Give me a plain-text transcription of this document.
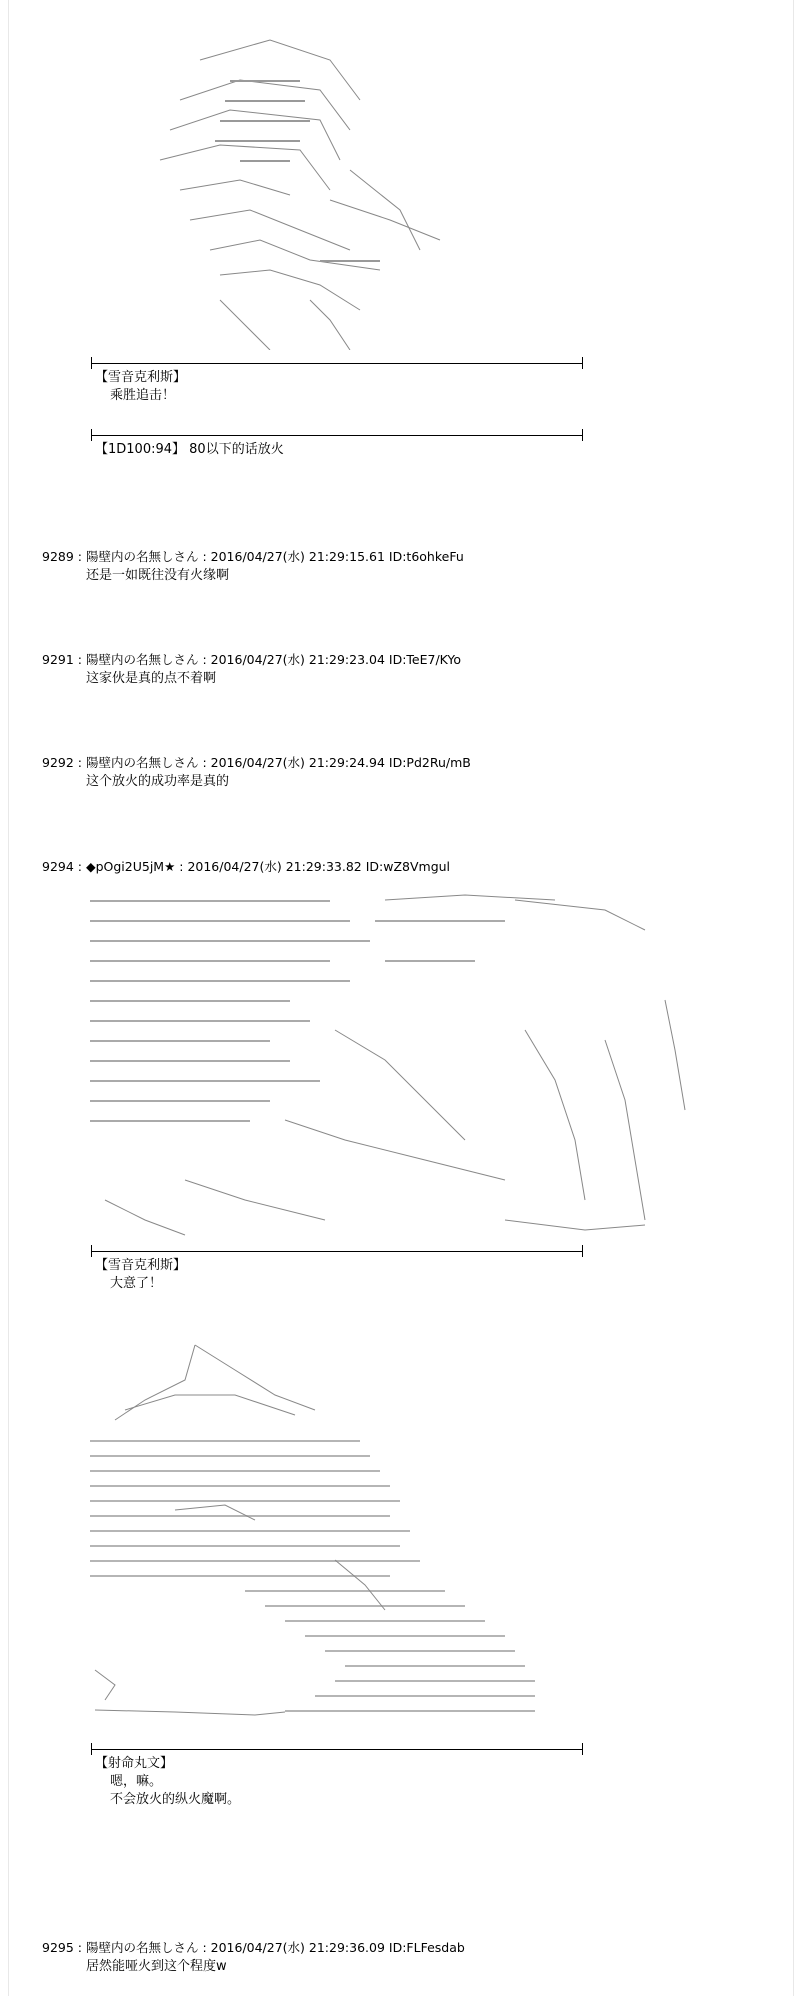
【雪音克利斯】
乘胜追击！
【1D100:94】 80以下的话放火
9289 : 陽壁内の名無しさん : 2016/04/27(水) 21:29:15.61 ID:t6ohkeFu
还是一如既往没有火缘啊
9291 : 陽壁内の名無しさん : 2016/04/27(水) 21:29:23.04 ID:TeE7/KYo
这家伙是真的点不着啊
9292 : 陽壁内の名無しさん : 2016/04/27(水) 21:29:24.94 ID:Pd2Ru/mB
这个放火的成功率是真的
9294 : ◆pOgi2U5jM★ : 2016/04/27(水) 21:29:33.82 ID:wZ8Vmgul
【雪音克利斯】
大意了！
【射命丸文】
嗯，嘛。
不会放火的纵火魔啊。
9295 : 陽壁内の名無しさん : 2016/04/27(水) 21:29:36.09 ID:FLFesdab
居然能哑火到这个程度w
